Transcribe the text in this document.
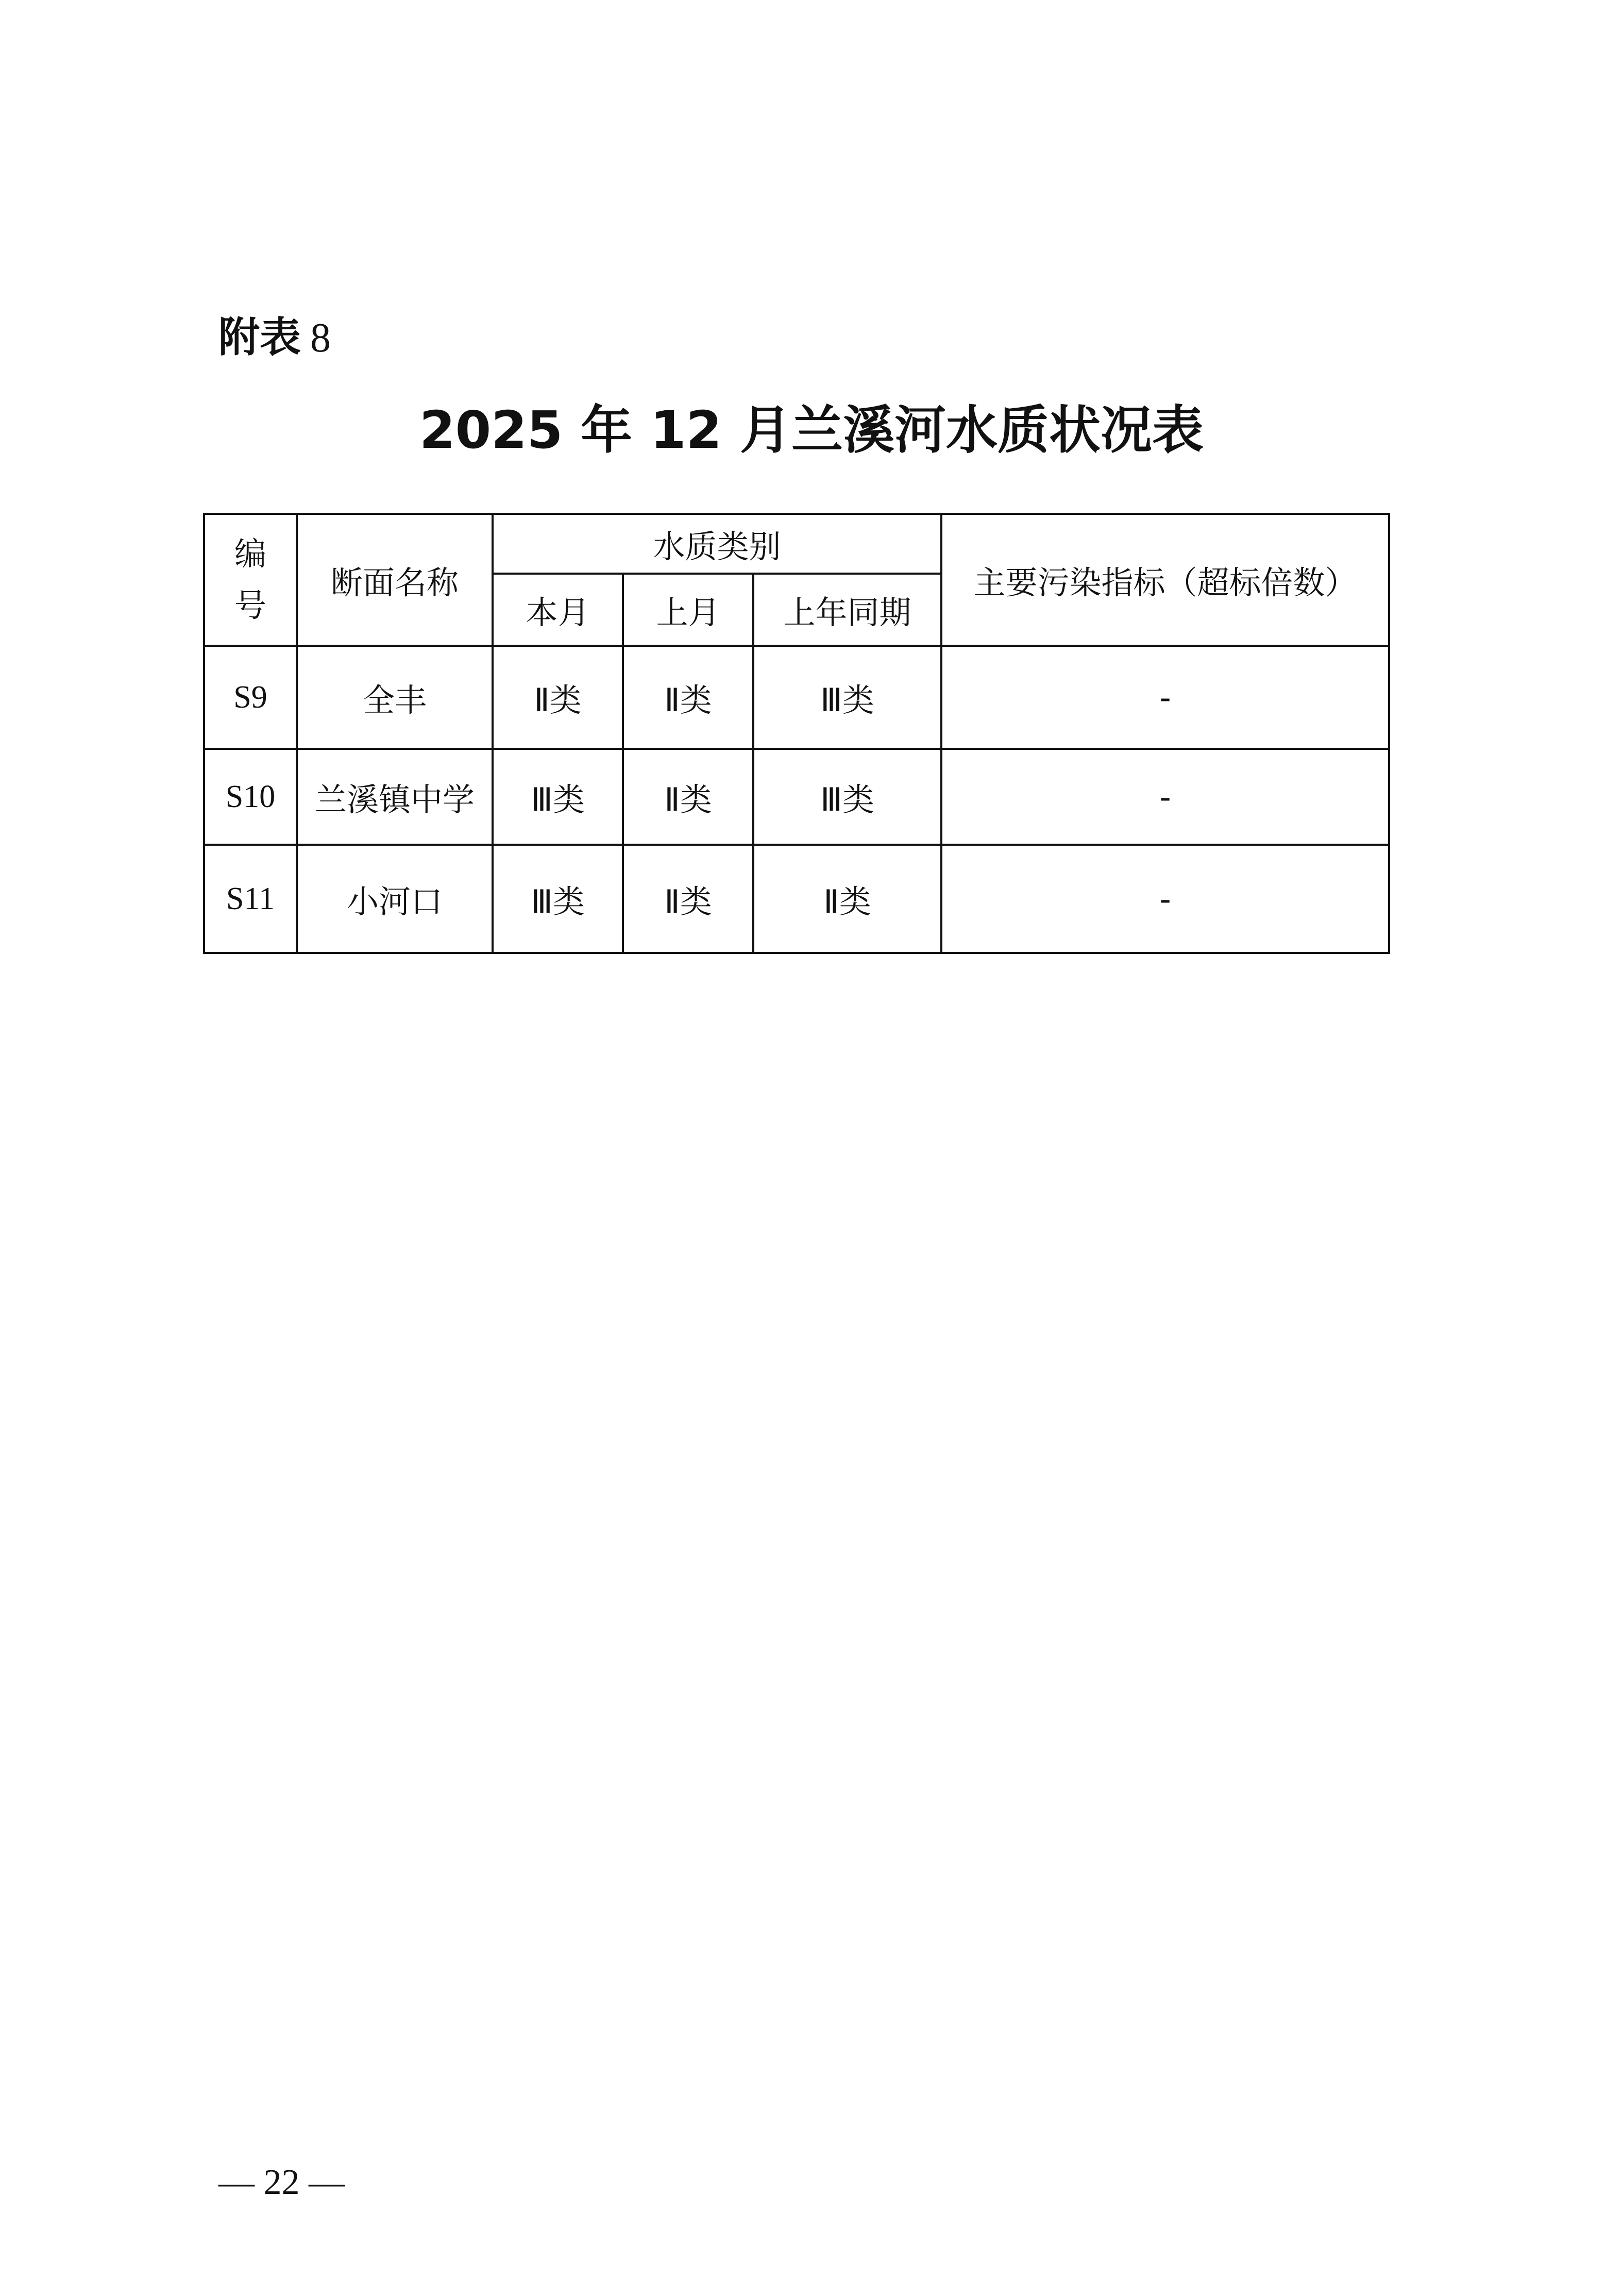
附表 8
2025 年 12 月兰溪河水质状况表
编号	断面名称	水质类别			主要污染指标（超标倍数）
		本月	上月	上年同期	
S9	全丰	Ⅱ类	Ⅱ类	Ⅲ类	-
S10	兰溪镇中学	Ⅲ类	Ⅱ类	Ⅲ类	-
S11	小河口	Ⅲ类	Ⅱ类	Ⅱ类	-
— 22 —
